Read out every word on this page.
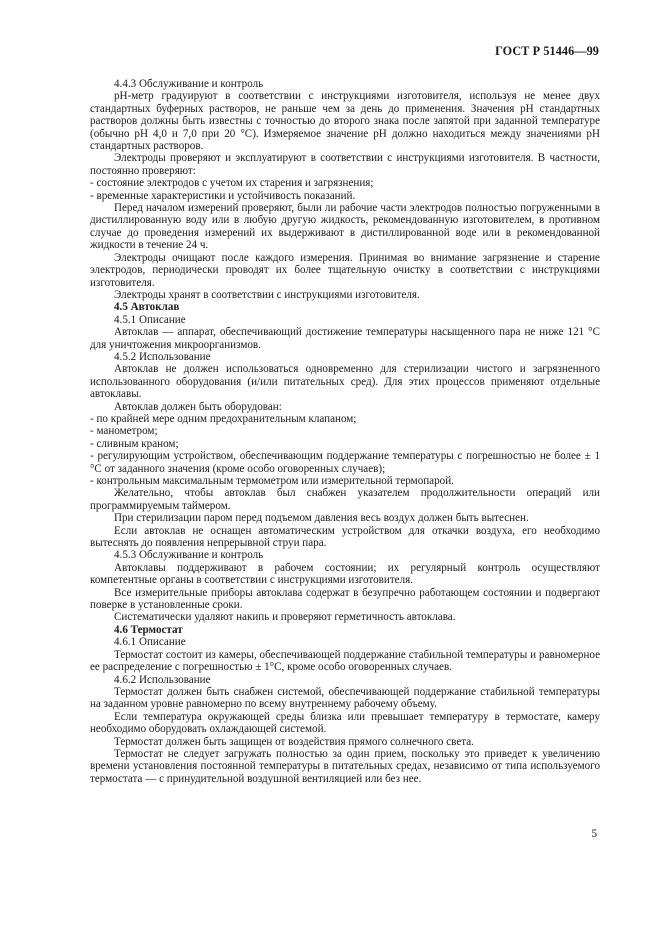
ГОСТ Р 51446—99

4.4.3 Обслуживание и контроль

рН-метр градуируют в соответствии с инструкциями изготовителя, используя не менее двух стандартных буферных растворов, не раньше чем за день до применения. Значения рН стандартных растворов должны быть известны с точностью до второго знака после запятой при заданной температуре (обычно рН 4,0 и 7,0 при 20 °С). Измеряемое значение рН должно находиться между значениями рН стандартных растворов.

Электроды проверяют и эксплуатируют в соответствии с инструкциями изготовителя. В частности, постоянно проверяют:

- состояние электродов с учетом их старения и загрязнения;

- временные характеристики и устойчивость показаний.

Перед началом измерений проверяют, были ли рабочие части электродов полностью погруженными в дистиллированную воду или в любую другую жидкость, рекомендованную изготовителем, в противном случае до проведения измерений их выдерживают в дистиллированной воде или в рекомендованной жидкости в течение 24 ч.

Электроды очищают после каждого измерения. Принимая во внимание загрязнение и старение электродов, периодически проводят их более тщательную очистку в соответствии с инструкциями изготовителя.

Электроды хранят в соответствии с инструкциями изготовителя.

4.5 Автоклав

4.5.1 Описание

Автоклав — аппарат, обеспечивающий достижение температуры насыщенного пара не ниже 121 °С для уничтожения микроорганизмов.

4.5.2 Использование

Автоклав не должен использоваться одновременно для стерилизации чистого и загрязненного использованного оборудования (и/или питательных сред). Для этих процессов применяют отдельные автоклавы.

Автоклав должен быть оборудован:

- по крайней мере одним предохранительным клапаном;

- манометром;

- сливным краном;

- регулирующим устройством, обеспечивающим поддержание температуры с погрешностью не более ± 1 °С от заданного значения (кроме особо оговоренных случаев);

- контрольным максимальным термометром или измерительной термопарой.

Желательно, чтобы автоклав был снабжен указателем продолжительности операций или программируемым таймером.

При стерилизации паром перед подъемом давления весь воздух должен быть вытеснен.

Если автоклав не оснащен автоматическим устройством для откачки воздуха, его необходимо вытеснять до появления непрерывной струи пара.

4.5.3 Обслуживание и контроль

Автоклавы поддерживают в рабочем состоянии; их регулярный контроль осуществляют компетентные органы в соответствии с инструкциями изготовителя.

Все измерительные приборы автоклава содержат в безупречно работающем состоянии и подвергают поверке в установленные сроки.

Систематически удаляют накипь и проверяют герметичность автоклава.

4.6 Термостат

4.6.1 Описание

Термостат состоит из камеры, обеспечивающей поддержание стабильной температуры и равномерное ее распределение с погрешностью ± 1°С, кроме особо оговоренных случаев.

4.6.2 Использование

Термостат должен быть снабжен системой, обеспечивающей поддержание стабильной температуры на заданном уровне равномерно по всему внутреннему рабочему объему.

Если температура окружающей среды близка или превышает температуру в термостате, камеру необходимо оборудовать охлаждающей системой.

Термостат должен быть защищен от воздействия прямого солнечного света.

Термостат не следует загружать полностью за один прием, поскольку это приведет к увеличению времени установления постоянной температуры в питательных средах, независимо от типа используемого термостата — с принудительной воздушной вентиляцией или без нее.

5
